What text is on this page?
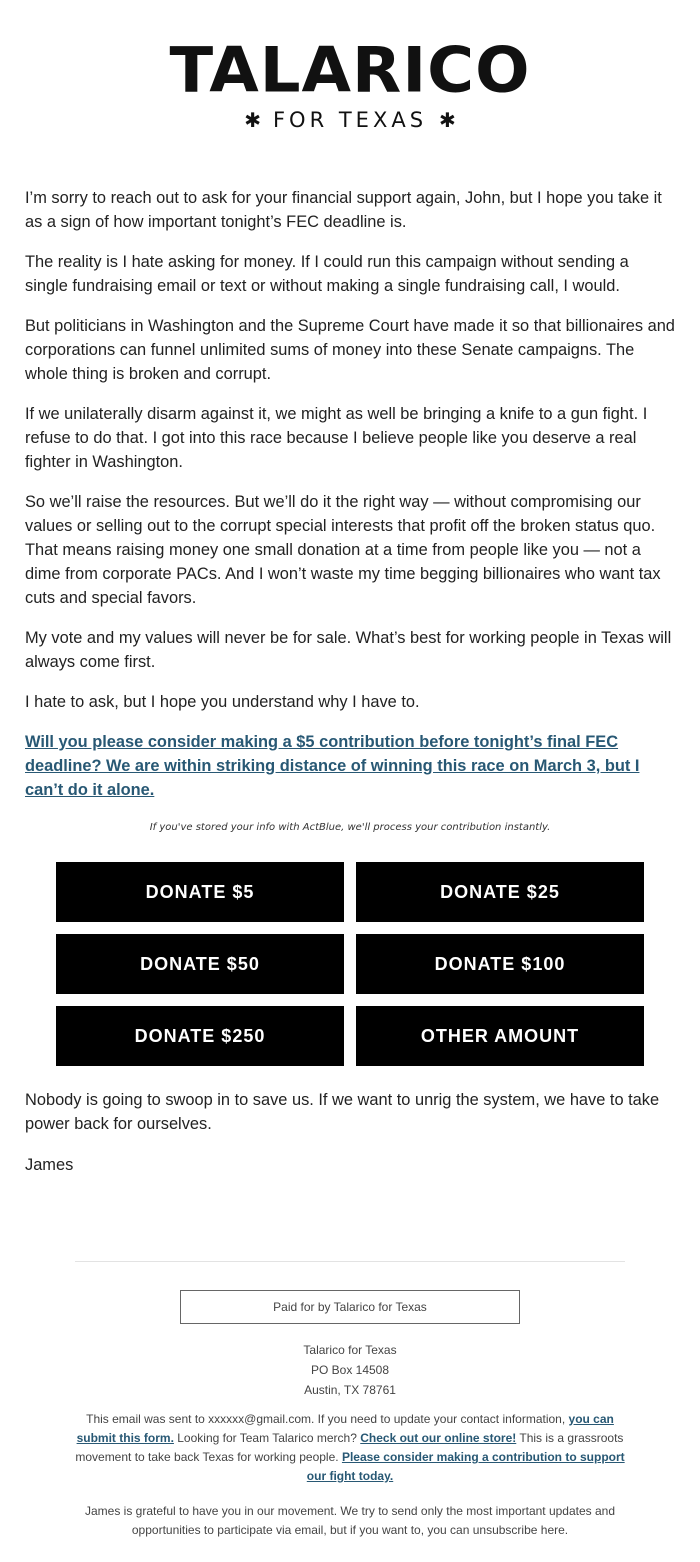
TALARICO
✱ FOR TEXAS ✱

I’m sorry to reach out to ask for your financial support again, John, but I hope you take it as a sign of how important tonight’s FEC deadline is.

The reality is I hate asking for money. If I could run this campaign without sending a single fundraising email or text or without making a single fundraising call, I would.

But politicians in Washington and the Supreme Court have made it so that billionaires and corporations can funnel unlimited sums of money into these Senate campaigns. The whole thing is broken and corrupt.

If we unilaterally disarm against it, we might as well be bringing a knife to a gun fight. I refuse to do that. I got into this race because I believe people like you deserve a real fighter in Washington.

So we’ll raise the resources. But we’ll do it the right way — without compromising our values or selling out to the corrupt special interests that profit off the broken status quo. That means raising money one small donation at a time from people like you — not a dime from corporate PACs. And I won’t waste my time begging billionaires who want tax cuts and special favors.

My vote and my values will never be for sale. What’s best for working people in Texas will always come first.

I hate to ask, but I hope you understand why I have to.

Will you please consider making a $5 contribution before tonight’s final FEC deadline? We are within striking distance of winning this race on March 3, but I can’t do it alone.

If you've stored your info with ActBlue, we'll process your contribution instantly.
DONATE $5	DONATE $25
DONATE $50	DONATE $100
DONATE $250	OTHER AMOUNT

Nobody is going to swoop in to save us. If we want to unrig the system, we have to take power back for ourselves.

James

Paid for by Talarico for Texas
Talarico for Texas
PO Box 14508
Austin, TX 78761
This email was sent to xxxxxx@gmail.com. If you need to update your contact information, you can submit this form. Looking for Team Talarico merch? Check out our online store! This is a grassroots movement to take back Texas for working people. Please consider making a contribution to support our fight today.
James is grateful to have you in our movement. We try to send only the most important updates and opportunities to participate via email, but if you want to, you can unsubscribe here.
